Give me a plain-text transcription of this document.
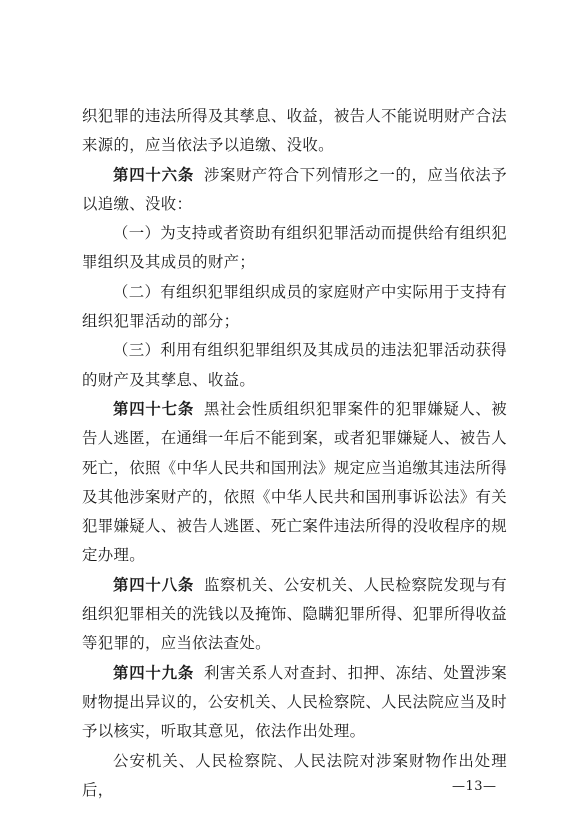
织犯罪的违法所得及其孳息、收益，被告人不能说明财产合法来源的，应当依法予以追缴、没收。

第四十六条 涉案财产符合下列情形之一的，应当依法予以追缴、没收：

（一）为支持或者资助有组织犯罪活动而提供给有组织犯罪组织及其成员的财产；

（二）有组织犯罪组织成员的家庭财产中实际用于支持有组织犯罪活动的部分；

（三）利用有组织犯罪组织及其成员的违法犯罪活动获得的财产及其孳息、收益。

第四十七条 黑社会性质组织犯罪案件的犯罪嫌疑人、被告人逃匿，在通缉一年后不能到案，或者犯罪嫌疑人、被告人死亡，依照《中华人民共和国刑法》规定应当追缴其违法所得及其他涉案财产的，依照《中华人民共和国刑事诉讼法》有关犯罪嫌疑人、被告人逃匿、死亡案件违法所得的没收程序的规定办理。

第四十八条 监察机关、公安机关、人民检察院发现与有组织犯罪相关的洗钱以及掩饰、隐瞒犯罪所得、犯罪所得收益等犯罪的，应当依法查处。

第四十九条 利害关系人对查封、扣押、冻结、处置涉案财物提出异议的，公安机关、人民检察院、人民法院应当及时予以核实，听取其意见，依法作出处理。

公安机关、人民检察院、人民法院对涉案财物作出处理后，	—13—
